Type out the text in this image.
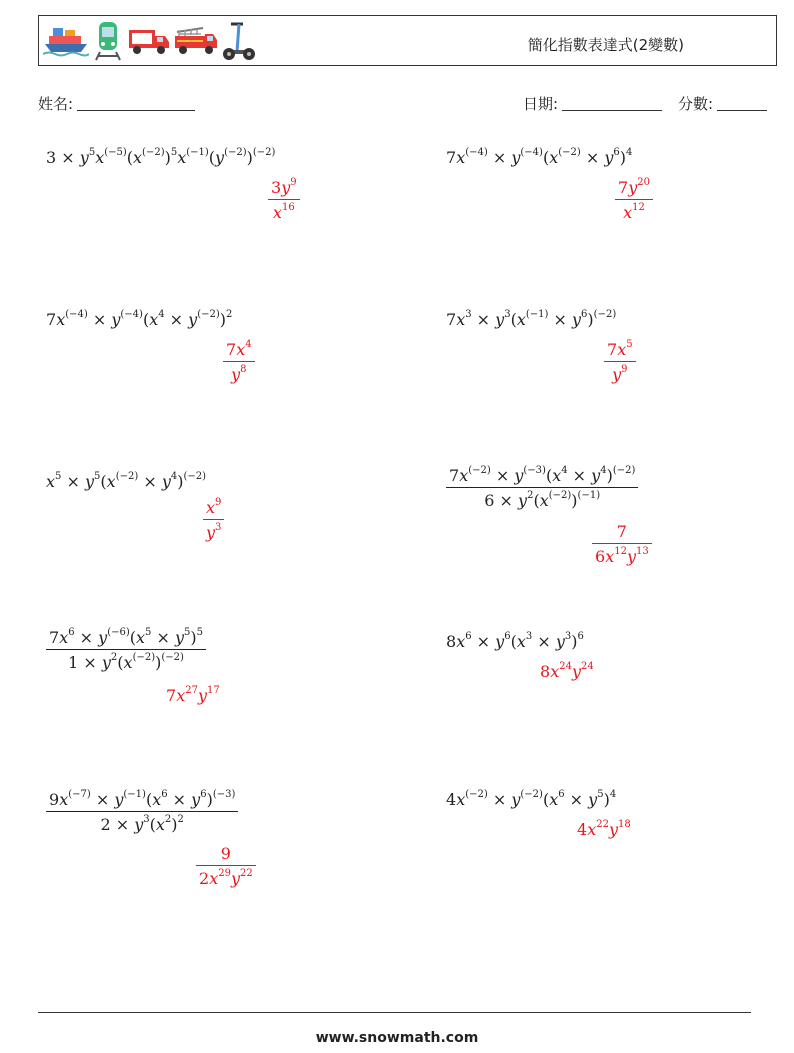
簡化指數表達式(2變數)
姓名:	日期:	分數:
$3 \times y^5x^{(-5)}(x^{(-2)})^5x^{(-1)}(y^{(-2)})^{(-2)}$
$\frac{3y^9}{x^{16}}$
$7x^{(-4)} \times y^{(-4)}(x^{(-2)} \times y^6)^4$
$\frac{7y^{20}}{x^{12}}$
$7x^{(-4)} \times y^{(-4)}(x^4 \times y^{(-2)})^2$
$\frac{7x^4}{y^8}$
$7x^3 \times y^3(x^{(-1)} \times y^6)^{(-2)}$
$\frac{7x^5}{y^9}$
$x^5 \times y^5(x^{(-2)} \times y^4)^{(-2)}$
$\frac{x^9}{y^3}$
$\frac{7x^{(-2)} \times y^{(-3)}(x^4 \times y^4)^{(-2)}}{6 \times y^2(x^{(-2)})^{(-1)}}$
$\frac{7}{6x^{12}y^{13}}$
$\frac{7x^6 \times y^{(-6)}(x^5 \times y^5)^5}{1 \times y^2(x^{(-2)})^{(-2)}}$
$7x^{27}y^{17}$
$8x^6 \times y^6(x^3 \times y^3)^6$
$8x^{24}y^{24}$
$\frac{9x^{(-7)} \times y^{(-1)}(x^6 \times y^6)^{(-3)}}{2 \times y^3(x^2)^2}$
$\frac{9}{2x^{29}y^{22}}$
$4x^{(-2)} \times y^{(-2)}(x^6 \times y^5)^4$
$4x^{22}y^{18}$
www.snowmath.com
